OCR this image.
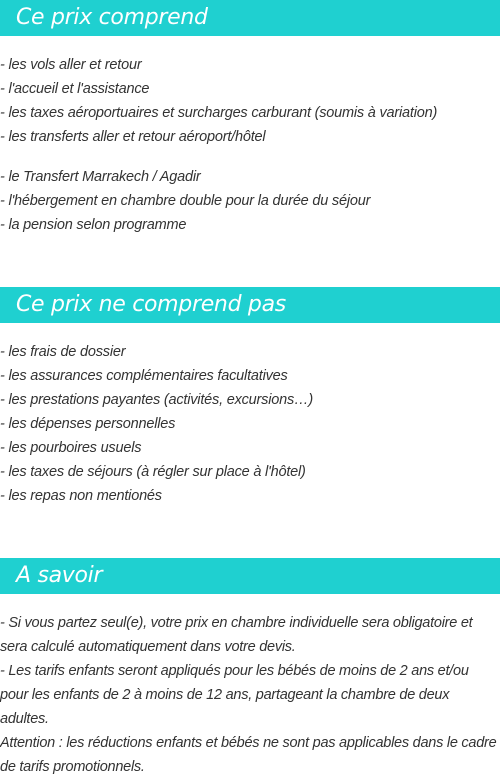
Ce prix comprend
- les vols aller et retour
- l'accueil et l'assistance
- les taxes aéroportuaires et surcharges carburant (soumis à variation)
- les transferts aller et retour aéroport/hôtel
- le Transfert Marrakech / Agadir
- l'hébergement en chambre double pour la durée du séjour
- la pension selon programme
Ce prix ne comprend pas
- les frais de dossier
- les assurances complémentaires facultatives
- les prestations payantes (activités, excursions…)
- les dépenses personnelles
- les pourboires usuels
- les taxes de séjours (à régler sur place à l'hôtel)
- les repas non mentionés
A savoir
- Si vous partez seul(e), votre prix en chambre individuelle sera obligatoire et sera calculé automatiquement dans votre devis.
- Les tarifs enfants seront appliqués pour les bébés de moins de 2 ans et/ou pour les enfants de 2 à moins de 12 ans, partageant la chambre de deux adultes.
Attention : les réductions enfants et bébés ne sont pas applicables dans le cadre de tarifs promotionnels.
